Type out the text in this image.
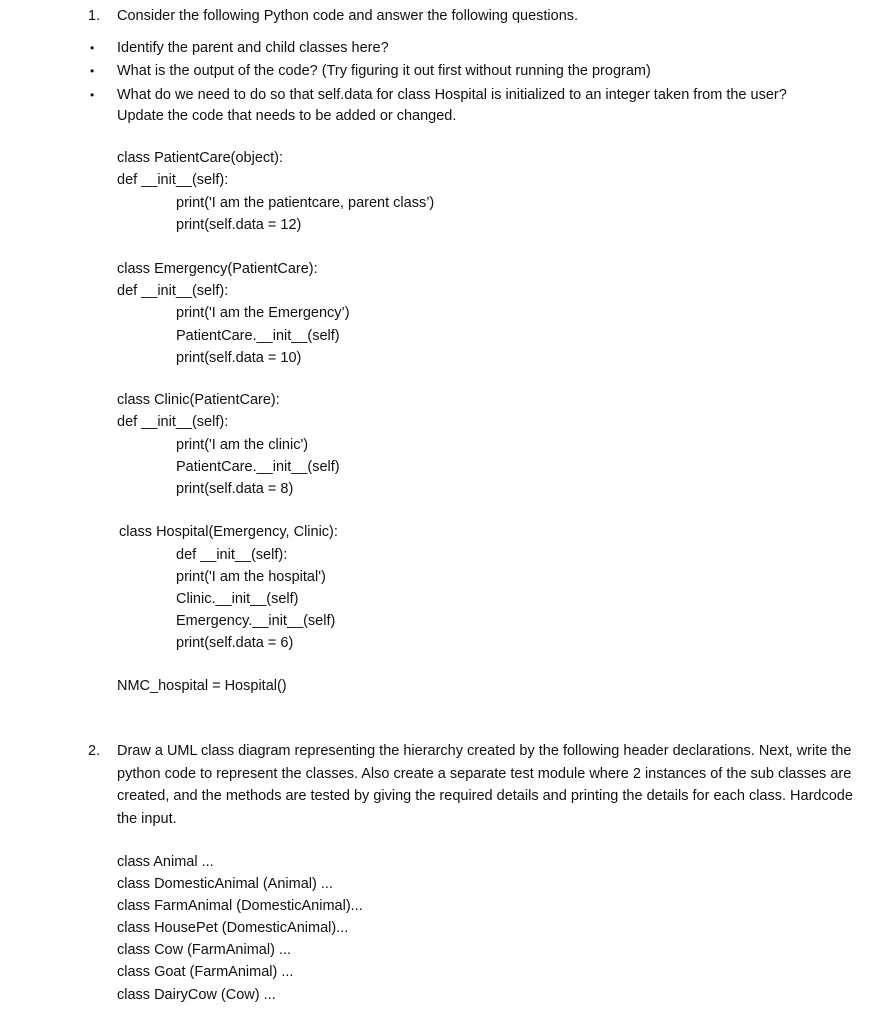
1. Consider the following Python code and answer the following questions.
• Identify the parent and child classes here?
• What is the output of the code? (Try figuring it out first without running the program)
• What do we need to do so that self.data for class Hospital is initialized to an integer taken from the user?
Update the code that needs to be added or changed.
class PatientCare(object):
def __init__(self):
print('I am the patientcare, parent class’)
print(self.data = 12)
class Emergency(PatientCare):
def __init__(self):
print('I am the Emergency’)
PatientCare.__init__(self)
print(self.data = 10)
class Clinic(PatientCare):
def __init__(self):
print('I am the clinic')
PatientCare.__init__(self)
print(self.data = 8)
class Hospital(Emergency, Clinic):
def __init__(self):
print('I am the hospital')
Clinic.__init__(self)
Emergency.__init__(self)
print(self.data = 6)
NMC_hospital = Hospital()
2. Draw a UML class diagram representing the hierarchy created by the following header declarations. Next, write the python code to represent the classes. Also create a separate test module where 2 instances of the sub classes are created, and the methods are tested by giving the required details and printing the details for each class. Hardcode the input.
class Animal ...
class DomesticAnimal (Animal) ...
class FarmAnimal (DomesticAnimal)...
class HousePet (DomesticAnimal)...
class Cow (FarmAnimal) ...
class Goat (FarmAnimal) ...
class DairyCow (Cow) ...
